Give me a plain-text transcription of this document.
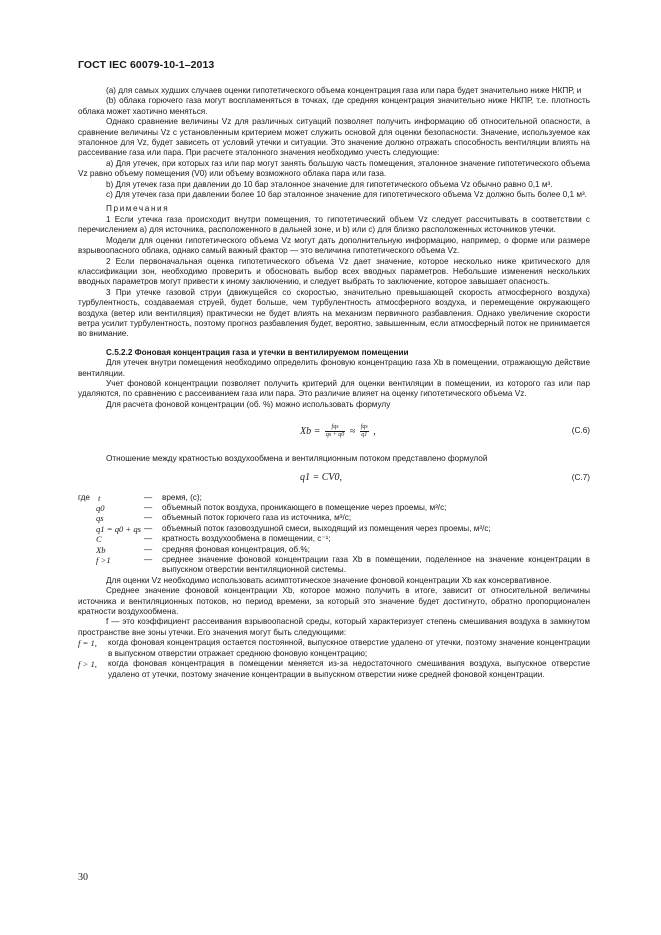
ГОСТ IEC 60079-10-1–2013

(a) для самых худших случаев оценки гипотетического объема концентрация газа или пара будет значительно ниже НКПР, и

(b) облака горючего газа могут воспламеняться в точках, где средняя концентрация значительно ниже НКПР, т.е. плотность облака может хаотично меняться.

Однако сравнение величины Vz для различных ситуаций позволяет получить информацию об относительной опасности, а сравнение величины Vz с установленным критерием может служить основой для оценки безопасности. Значение, используемое как эталонное для Vz, будет зависеть от условий утечки и ситуации. Это значение должно отражать способность вентиляции влиять на рассеивание газа или пара. При расчете эталонного значения необходимо учесть следующие:

a) Для утечек, при которых газ или пар могут занять большую часть помещения, эталонное значение гипотетического объема Vz равно объему помещения (V0) или объему возможного облака пара или газа.

b) Для утечек газа при давлении до 10 бар эталонное значение для гипотетического объема Vz обычно равно 0,1 м³.

с) Для утечек газа при давлении более 10 бар эталонное значение для гипотетического объема Vz должно быть более 0,1 м³.

Примечания

1 Если утечка газа происходит внутри помещения, то гипотетический объем Vz следует рассчитывать в соответствии с перечислением a) для источника, расположенного в дальней зоне, и b) или c) для близко расположенных источников утечки.

Модели для оценки гипотетического объема Vz могут дать дополнительную информацию, например, о форме или размере взрывоопасного облака, однако самый важный фактор — это величина гипотетического объема Vz.

2 Если первоначальная оценка гипотетического объема Vz дает значение, которое несколько ниже критического для классификации зон, необходимо проверить и обосновать выбор всех вводных параметров. Небольшие изменения нескольких вводных параметров могут привести к иному заключению, и следует выбрать то заключение, которое завышает опасность.

3 При утечке газовой струи (движущейся со скоростью, значительно превышающей скорость атмосферного воздуха) турбулентность, создаваемая струей, будет больше, чем турбулентность атмосферного воздуха, и перемещение окружающего воздуха (ветер или вентиляция) практически не будет влиять на механизм первичного разбавления. Однако увеличение скорости ветра усилит турбулентность, поэтому прогноз разбавления будет, вероятно, завышенным, если атмосферный поток не принимается во внимание.

С.5.2.2 Фоновая концентрация газа и утечки в вентилируемом помещении

Для утечек внутри помещения необходимо определить фоновую концентрацию газа Xb в помещении, отражающую действие вентиляции.

Учет фоновой концентрации позволяет получить критерий для оценки вентиляции в помещении, из которого газ или пар удаляются, по сравнению с рассеиванием газа или пара. Это различие влияет на оценку гипотетического объема Vz.

Для расчета фоновой концентрации (об. %) можно использовать формулу

$Xb = \frac{\text{fqs}}{qs + q0} \approx \frac{\text{fqs}}{q1}$ ,	(С.6)

Отношение между кратностью воздухообмена и вентиляционным потоком представлено формулой

q1 = CV0,	(С.7)
где t	—	время, (с);
q0	—	объемный поток воздуха, проникающего в помещение через проемы, м³/с;
qs	—	объемный поток горючего газа из источника, м³/с;
q1 = q0 + qs —	объемный поток газовоздушной смеси, выходящий из помещения через проемы, м³/с;
C	—	кратность воздухообмена в помещении, с⁻¹;
Xb	—	средняя фоновая концентрация, об.%;
f >1	—	среднее значение фоновой концентрации газа Xb в помещении, поделенное на значение концентрации в выпускном отверстии вентиляционной системы.

Для оценки Vz необходимо использовать асимптотическое значение фоновой концентрации Xb как консервативное.

Среднее значение фоновой концентрации Xb, которое можно получить в итоге, зависит от относительной величины источника и вентиляционных потоков, но период времени, за который это значение будет достигнуто, обратно пропорционален кратности воздухообмена.

f — это коэффициент рассеивания взрывоопасной среды, который характеризует степень смешивания воздуха в замкнутом пространстве вне зоны утечки. Его значения могут быть следующими:

f = 1,	когда фоновая концентрация остается постоянной, выпускное отверстие удалено от утечки, поэтому значение концентрации в выпускном отверстии отражает среднюю фоновую концентрацию;
f > 1,	когда фоновая концентрация в помещении меняется из-за недостаточного смешивания воздуха, выпускное отверстие удалено от утечки, поэтому значение концентрации в выпускном отверстии ниже средней фоновой концентрации.
30
